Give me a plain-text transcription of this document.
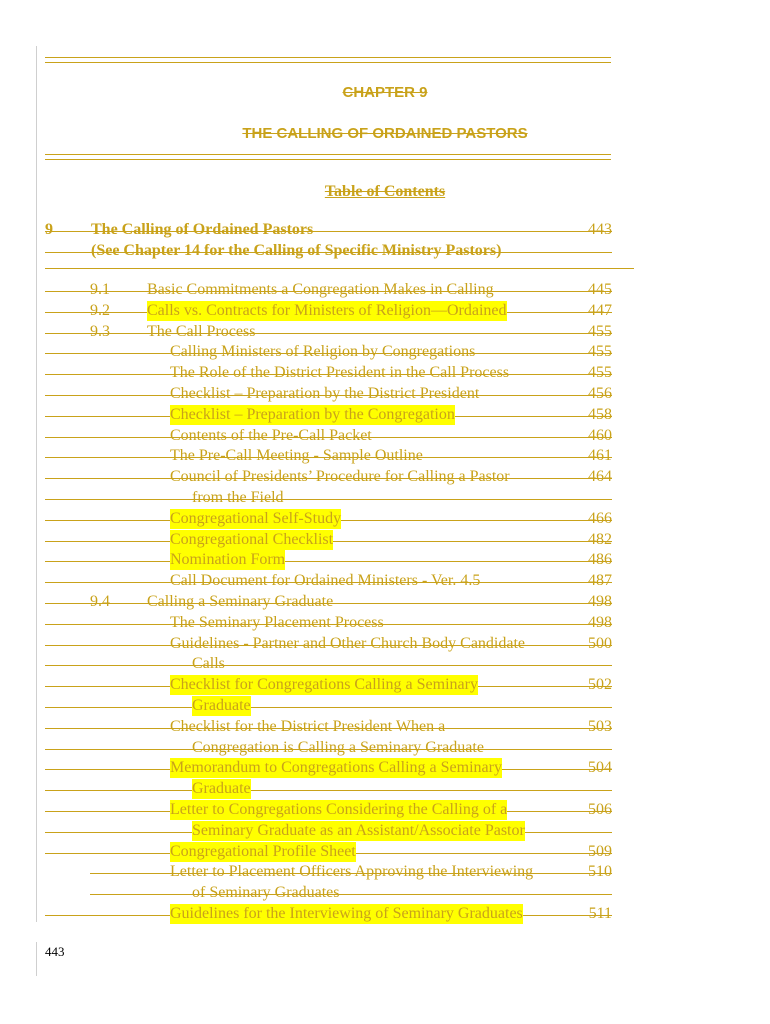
CHAPTER 9
THE CALLING OF ORDAINED PASTORS
Table of Contents
9 The Calling of Ordained Pastors	443
(See Chapter 14 for the Calling of Specific Ministry Pastors)
9.1 Basic Commitments a Congregation Makes in Calling	445
9.2 Calls vs. Contracts for Ministers of Religion—Ordained	447
9.3 The Call Process	455
Calling Ministers of Religion by Congregations	455
The Role of the District President in the Call Process	455
Checklist – Preparation by the District President	456
Checklist – Preparation by the Congregation	458
Contents of the Pre-Call Packet	460
The Pre-Call Meeting - Sample Outline	461
Council of Presidents’ Procedure for Calling a Pastor	464
from the Field
Congregational Self-Study	466
Congregational Checklist	482
Nomination Form	486
Call Document for Ordained Ministers - Ver. 4.5	487
9.4 Calling a Seminary Graduate	498
The Seminary Placement Process	498
Guidelines - Partner and Other Church Body Candidate	500
Calls
Checklist for Congregations Calling a Seminary	502
Graduate
Checklist for the District President When a	503
Congregation is Calling a Seminary Graduate
Memorandum to Congregations Calling a Seminary	504
Graduate
Letter to Congregations Considering the Calling of a	506
Seminary Graduate as an Assistant/Associate Pastor
Congregational Profile Sheet	509
Letter to Placement Officers Approving the Interviewing	510
of Seminary Graduates
Guidelines for the Interviewing of Seminary Graduates	511
443
